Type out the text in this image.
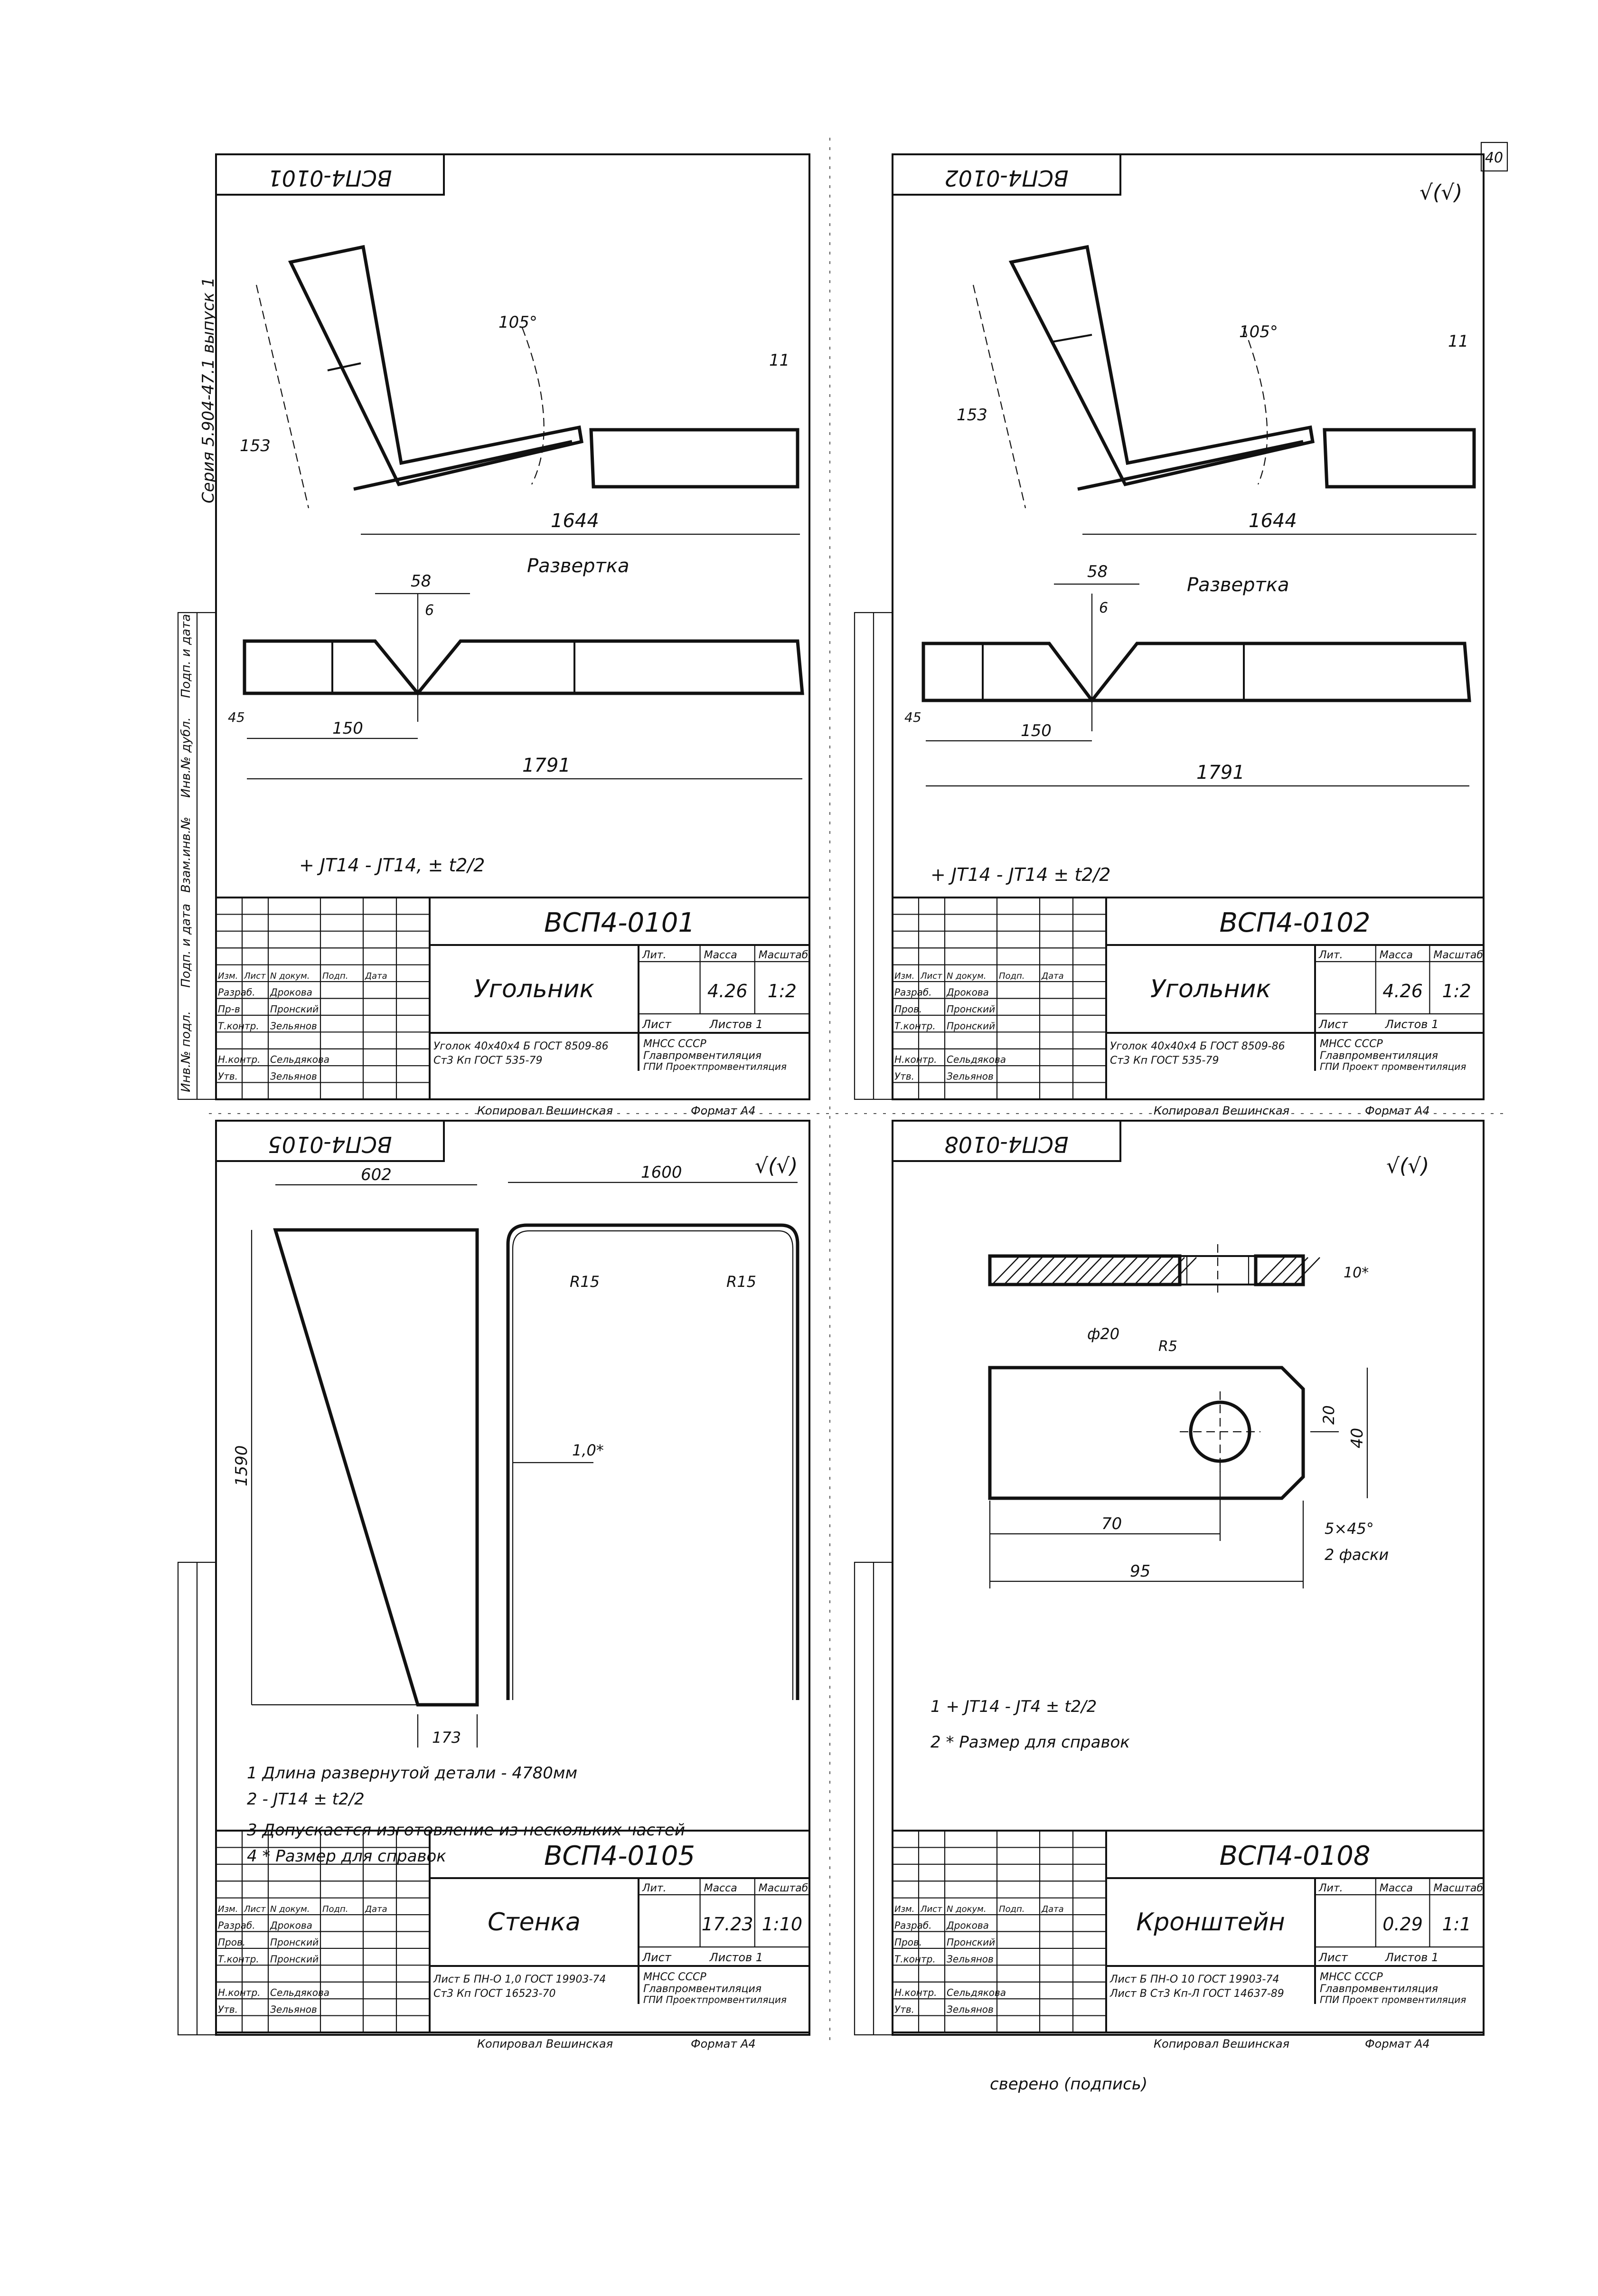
40
Серия 5.904-47.1 выпуск 1
ВСП4-0101
Подп. и дата
Инв.№ дубл.
Взам.инв.№
Подп. и дата
Инв.№ подл.
105°
153
1644
11
Развертка
58
6
150
1791
45
+ JT14 - JT14, ± t2/2
ВСП4-0102
√(√)
105°
153
1644
11
Развертка
58
6
150
1791
45
+ JT14 - JT14 ± t2/2
ВСП4-0105
√(√)
602
1590
173
1600
R15	R15
1,0*
1 Длина развернутой детали - 4780мм
2 - JT14 ± t2/2
3 Допускается изготовление из нескольких частей
4 * Размер для справок
ВСП4-0108
√(√)
10*
ф20
R5
20
40
70
95
5×45°
2 фаски
1 + JT14 - JT4 ± t2/2
2 * Размер для справок
Изм. Лист N докум. Подп. Дата
Разраб. Дрокова
Пр-в	Пронский
Т.контр. Зельянов
Н.контр. Сельдякова
Утв.	Зельянов
ВСП4-0101
Угольник
Лит.	Масса Масштаб
4.26 1:2
Лист	Листов 1
Уголок 40х40х4 Б ГОСТ 8509-86
Ст3 Кп ГОСТ 535-79
МНСС СССР
Главпромвентиляция
ГПИ Проектпромвентиляция
Копировал Вешинская	Формат А4
Изм. Лист N докум. Подп. Дата
Разраб. Дрокова
Пров.	Пронский
Т.контр. Пронский
Н.контр. Сельдякова
Утв.	Зельянов
ВСП4-0102
Угольник
Лит.	Масса Масштаб
4.26 1:2
Лист	Листов 1
Уголок 40х40х4 Б ГОСТ 8509-86
Ст3 Кп ГОСТ 535-79
МНСС СССР
Главпромвентиляция
ГПИ Проект промвентиляция
Копировал Вешинская	Формат А4
Изм. Лист N докум. Подп. Дата
Разраб. Дрокова
Пров.	Пронский
Т.контр. Пронский
Н.контр. Сельдякова
Утв.	Зельянов
ВСП4-0105
Стенка
Лит.	Масса Масштаб
17.23 1:10
Лист	Листов 1
Лист Б ПН-О 1,0 ГОСТ 19903-74
Ст3 Кп ГОСТ 16523-70
МНСС СССР
Главпромвентиляция
ГПИ Проектпромвентиляция
Копировал Вешинская	Формат А4
Изм. Лист N докум. Подп. Дата
Разраб. Дрокова
Пров.	Пронский
Т.контр. Зельянов
Н.контр. Сельдякова
Утв.	Зельянов
ВСП4-0108
Кронштейн
Лит.	Масса Масштаб
0.29 1:1
Лист	Листов 1
Лист Б ПН-О 10 ГОСТ 19903-74
Лист В Ст3 Кп-Л ГОСТ 14637-89
МНСС СССР
Главпромвентиляция
ГПИ Проект промвентиляция
Копировал Вешинская	Формат А4
сверено (подпись)
